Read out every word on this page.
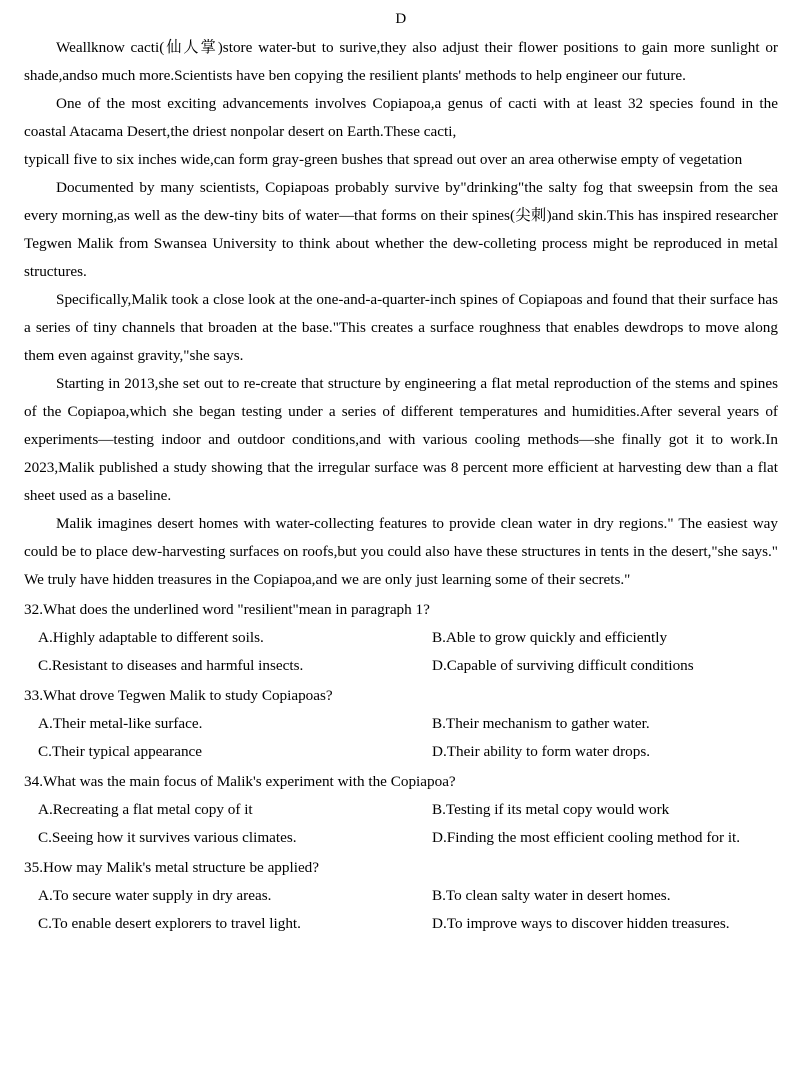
D

Weallknow cacti(仙人掌)store water-but to surive,they also adjust their flower positions to gain more sunlight or shade,andso much more.Scientists have ben copying the resilient plants' methods to help engineer our future.

One of the most exciting advancements involves Copiapoa,a genus of cacti with at least 32 species found in the coastal Atacama Desert,the driest nonpolar desert on Earth.These cacti,

typicall five to six inches wide,can form gray-green bushes that spread out over an area otherwise empty of vegetation

Documented by many scientists, Copiapoas probably survive by"drinking"the salty fog that sweepsin from the sea every morning,as well as the dew-tiny bits of water—that forms on their spines(尖刺)and skin.This has inspired researcher Tegwen Malik from Swansea University to think about whether the dew-colleting process might be reproduced in metal structures.

Specifically,Malik took a close look at the one-and-a-quarter-inch spines of Copiapoas and found that their surface has a series of tiny channels that broaden at the base."This creates a surface roughness that enables dewdrops to move along them even against gravity,"she says.

Starting in 2013,she set out to re-create that structure by engineering a flat metal reproduction of the stems and spines of the Copiapoa,which she began testing under a series of different temperatures and humidities.After several years of experiments—testing indoor and outdoor conditions,and with various cooling methods—she finally got it to work.In 2023,Malik published a study showing that the irregular surface was 8 percent more efficient at harvesting dew than a flat sheet used as a baseline.

Malik imagines desert homes with water-collecting features to provide clean water in dry regions." The easiest way could be to place dew-harvesting surfaces on roofs,but you could also have these structures in tents in the desert,"she says." We truly have hidden treasures in the Copiapoa,and we are only just learning some of their secrets."

32.What does the underlined word "resilient"mean in paragraph 1?

A.Highly adaptable to different soils.	B.Able to grow quickly and efficiently
C.Resistant to diseases and harmful insects.	D.Capable of surviving difficult conditions

33.What drove Tegwen Malik to study Copiapoas?

A.Their metal-like surface.	B.Their mechanism to gather water.
C.Their typical appearance	D.Their ability to form water drops.

34.What was the main focus of Malik's experiment with the Copiapoa?

A.Recreating a flat metal copy of it	B.Testing if its metal copy would work
C.Seeing how it survives various climates.	D.Finding the most efficient cooling method for it.

35.How may Malik's metal structure be applied?

A.To secure water supply in dry areas.	B.To clean salty water in desert homes.
C.To enable desert explorers to travel light.	D.To improve ways to discover hidden treasures.
